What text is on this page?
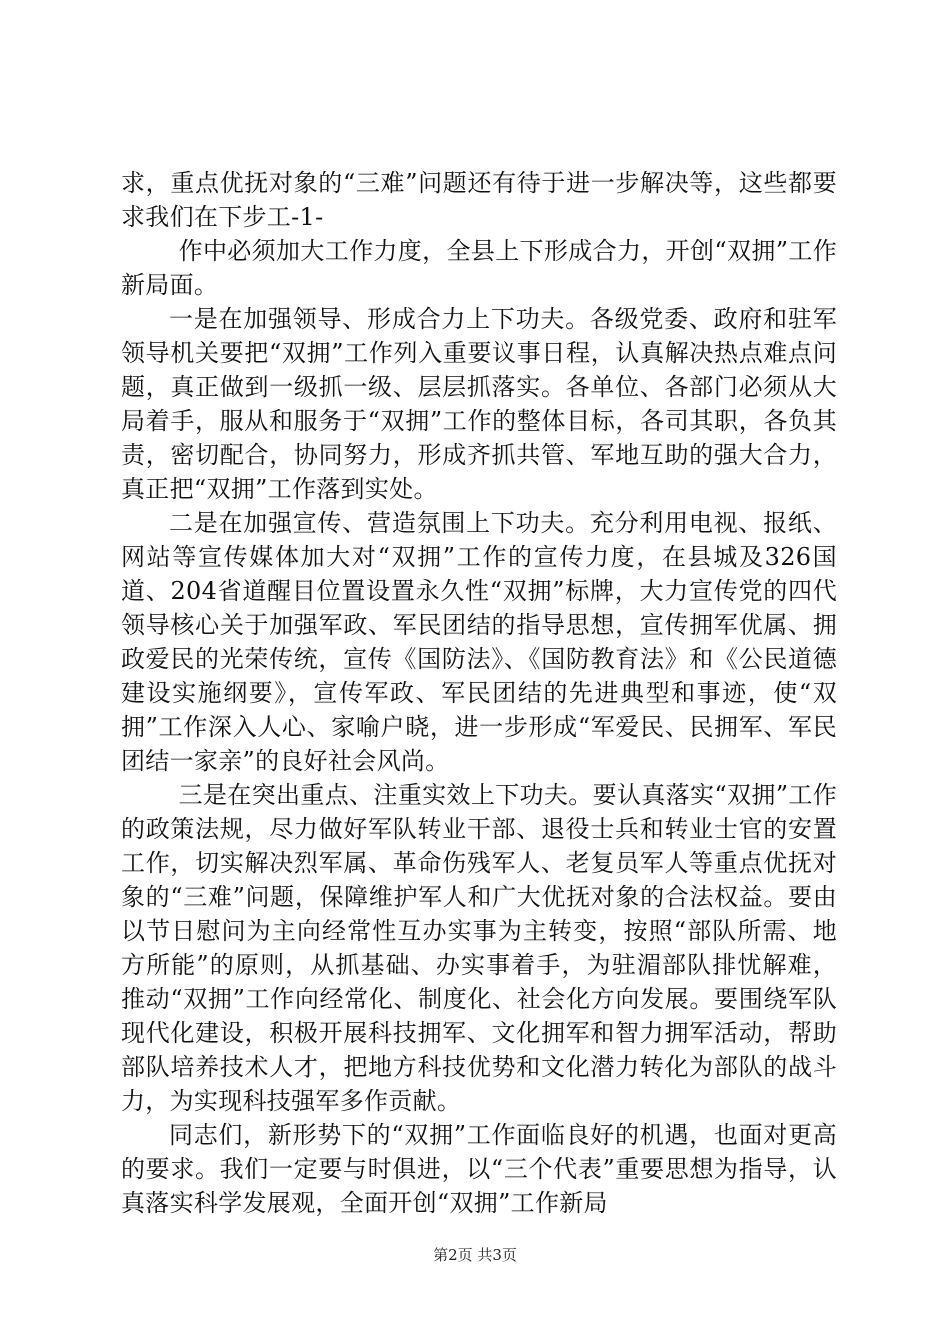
求，重点优抚对象的“三难”问题还有待于进一步解决等，这些都要求我们在下步工-1-

作中必须加大工作力度，全县上下形成合力，开创“双拥”工作新局面。

一是在加强领导、形成合力上下功夫。各级党委、政府和驻军领导机关要把“双拥”工作列入重要议事日程，认真解决热点难点问题，真正做到一级抓一级、层层抓落实。各单位、各部门必须从大局着手，服从和服务于“双拥”工作的整体目标，各司其职，各负其责，密切配合，协同努力，形成齐抓共管、军地互助的强大合力，真正把“双拥”工作落到实处。

二是在加强宣传、营造氛围上下功夫。充分利用电视、报纸、网站等宣传媒体加大对“双拥”工作的宣传力度，在县城及326国道、204省道醒目位置设置永久性“双拥”标牌，大力宣传党的四代领导核心关于加强军政、军民团结的指导思想，宣传拥军优属、拥政爱民的光荣传统，宣传《国防法》、《国防教育法》和《公民道德建设实施纲要》，宣传军政、军民团结的先进典型和事迹，使“双拥”工作深入人心、家喻户晓，进一步形成“军爱民、民拥军、军民团结一家亲”的良好社会风尚。

三是在突出重点、注重实效上下功夫。要认真落实“双拥”工作的政策法规，尽力做好军队转业干部、退役士兵和转业士官的安置工作，切实解决烈军属、革命伤残军人、老复员军人等重点优抚对象的“三难”问题，保障维护军人和广大优抚对象的合法权益。要由以节日慰问为主向经常性互办实事为主转变，按照“部队所需、地方所能”的原则，从抓基础、办实事着手，为驻湄部队排忧解难，推动“双拥”工作向经常化、制度化、社会化方向发展。要围绕军队现代化建设，积极开展科技拥军、文化拥军和智力拥军活动，帮助部队培养技术人才，把地方科技优势和文化潜力转化为部队的战斗力，为实现科技强军多作贡献。

同志们，新形势下的“双拥”工作面临良好的机遇，也面对更高的要求。我们一定要与时俱进，以“三个代表”重要思想为指导，认真落实科学发展观，全面开创“双拥”工作新局

第2页 共3页
